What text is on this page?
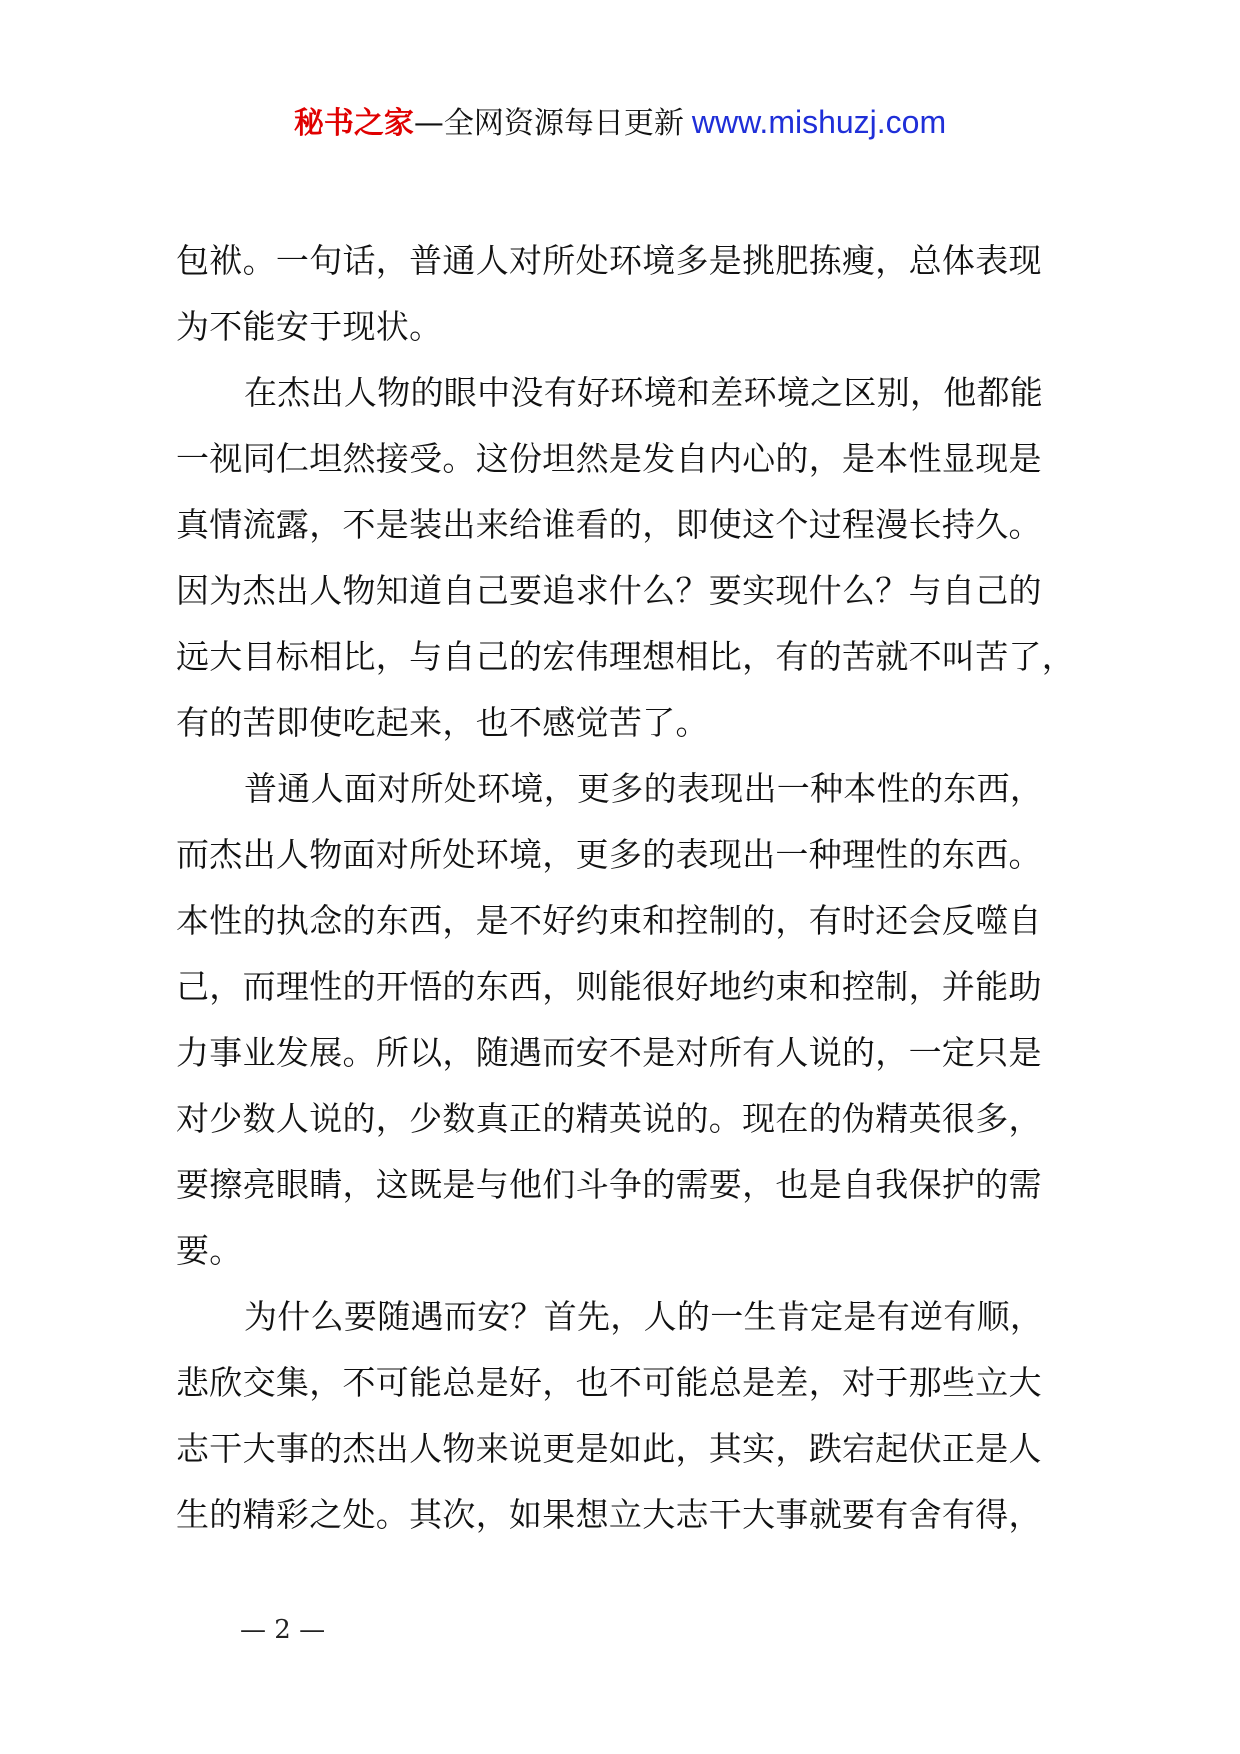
秘书之家—全网资源每日更新 www.mishuzj.com
包袱。一句话，普通人对所处环境多是挑肥拣瘦，总体表现
为不能安于现状。
在杰出人物的眼中没有好环境和差环境之区别，他都能
一视同仁坦然接受。这份坦然是发自内心的，是本性显现是
真情流露，不是装出来给谁看的，即使这个过程漫长持久。
因为杰出人物知道自己要追求什么？要实现什么？与自己的
远大目标相比，与自己的宏伟理想相比，有的苦就不叫苦了，
有的苦即使吃起来，也不感觉苦了。
普通人面对所处环境，更多的表现出一种本性的东西，
而杰出人物面对所处环境，更多的表现出一种理性的东西。
本性的执念的东西，是不好约束和控制的，有时还会反噬自
己，而理性的开悟的东西，则能很好地约束和控制，并能助
力事业发展。所以，随遇而安不是对所有人说的，一定只是
对少数人说的，少数真正的精英说的。现在的伪精英很多，
要擦亮眼睛，这既是与他们斗争的需要，也是自我保护的需
要。
为什么要随遇而安？首先，人的一生肯定是有逆有顺，
悲欣交集，不可能总是好，也不可能总是差，对于那些立大
志干大事的杰出人物来说更是如此，其实，跌宕起伏正是人
生的精彩之处。其次，如果想立大志干大事就要有舍有得，
— 2 —
